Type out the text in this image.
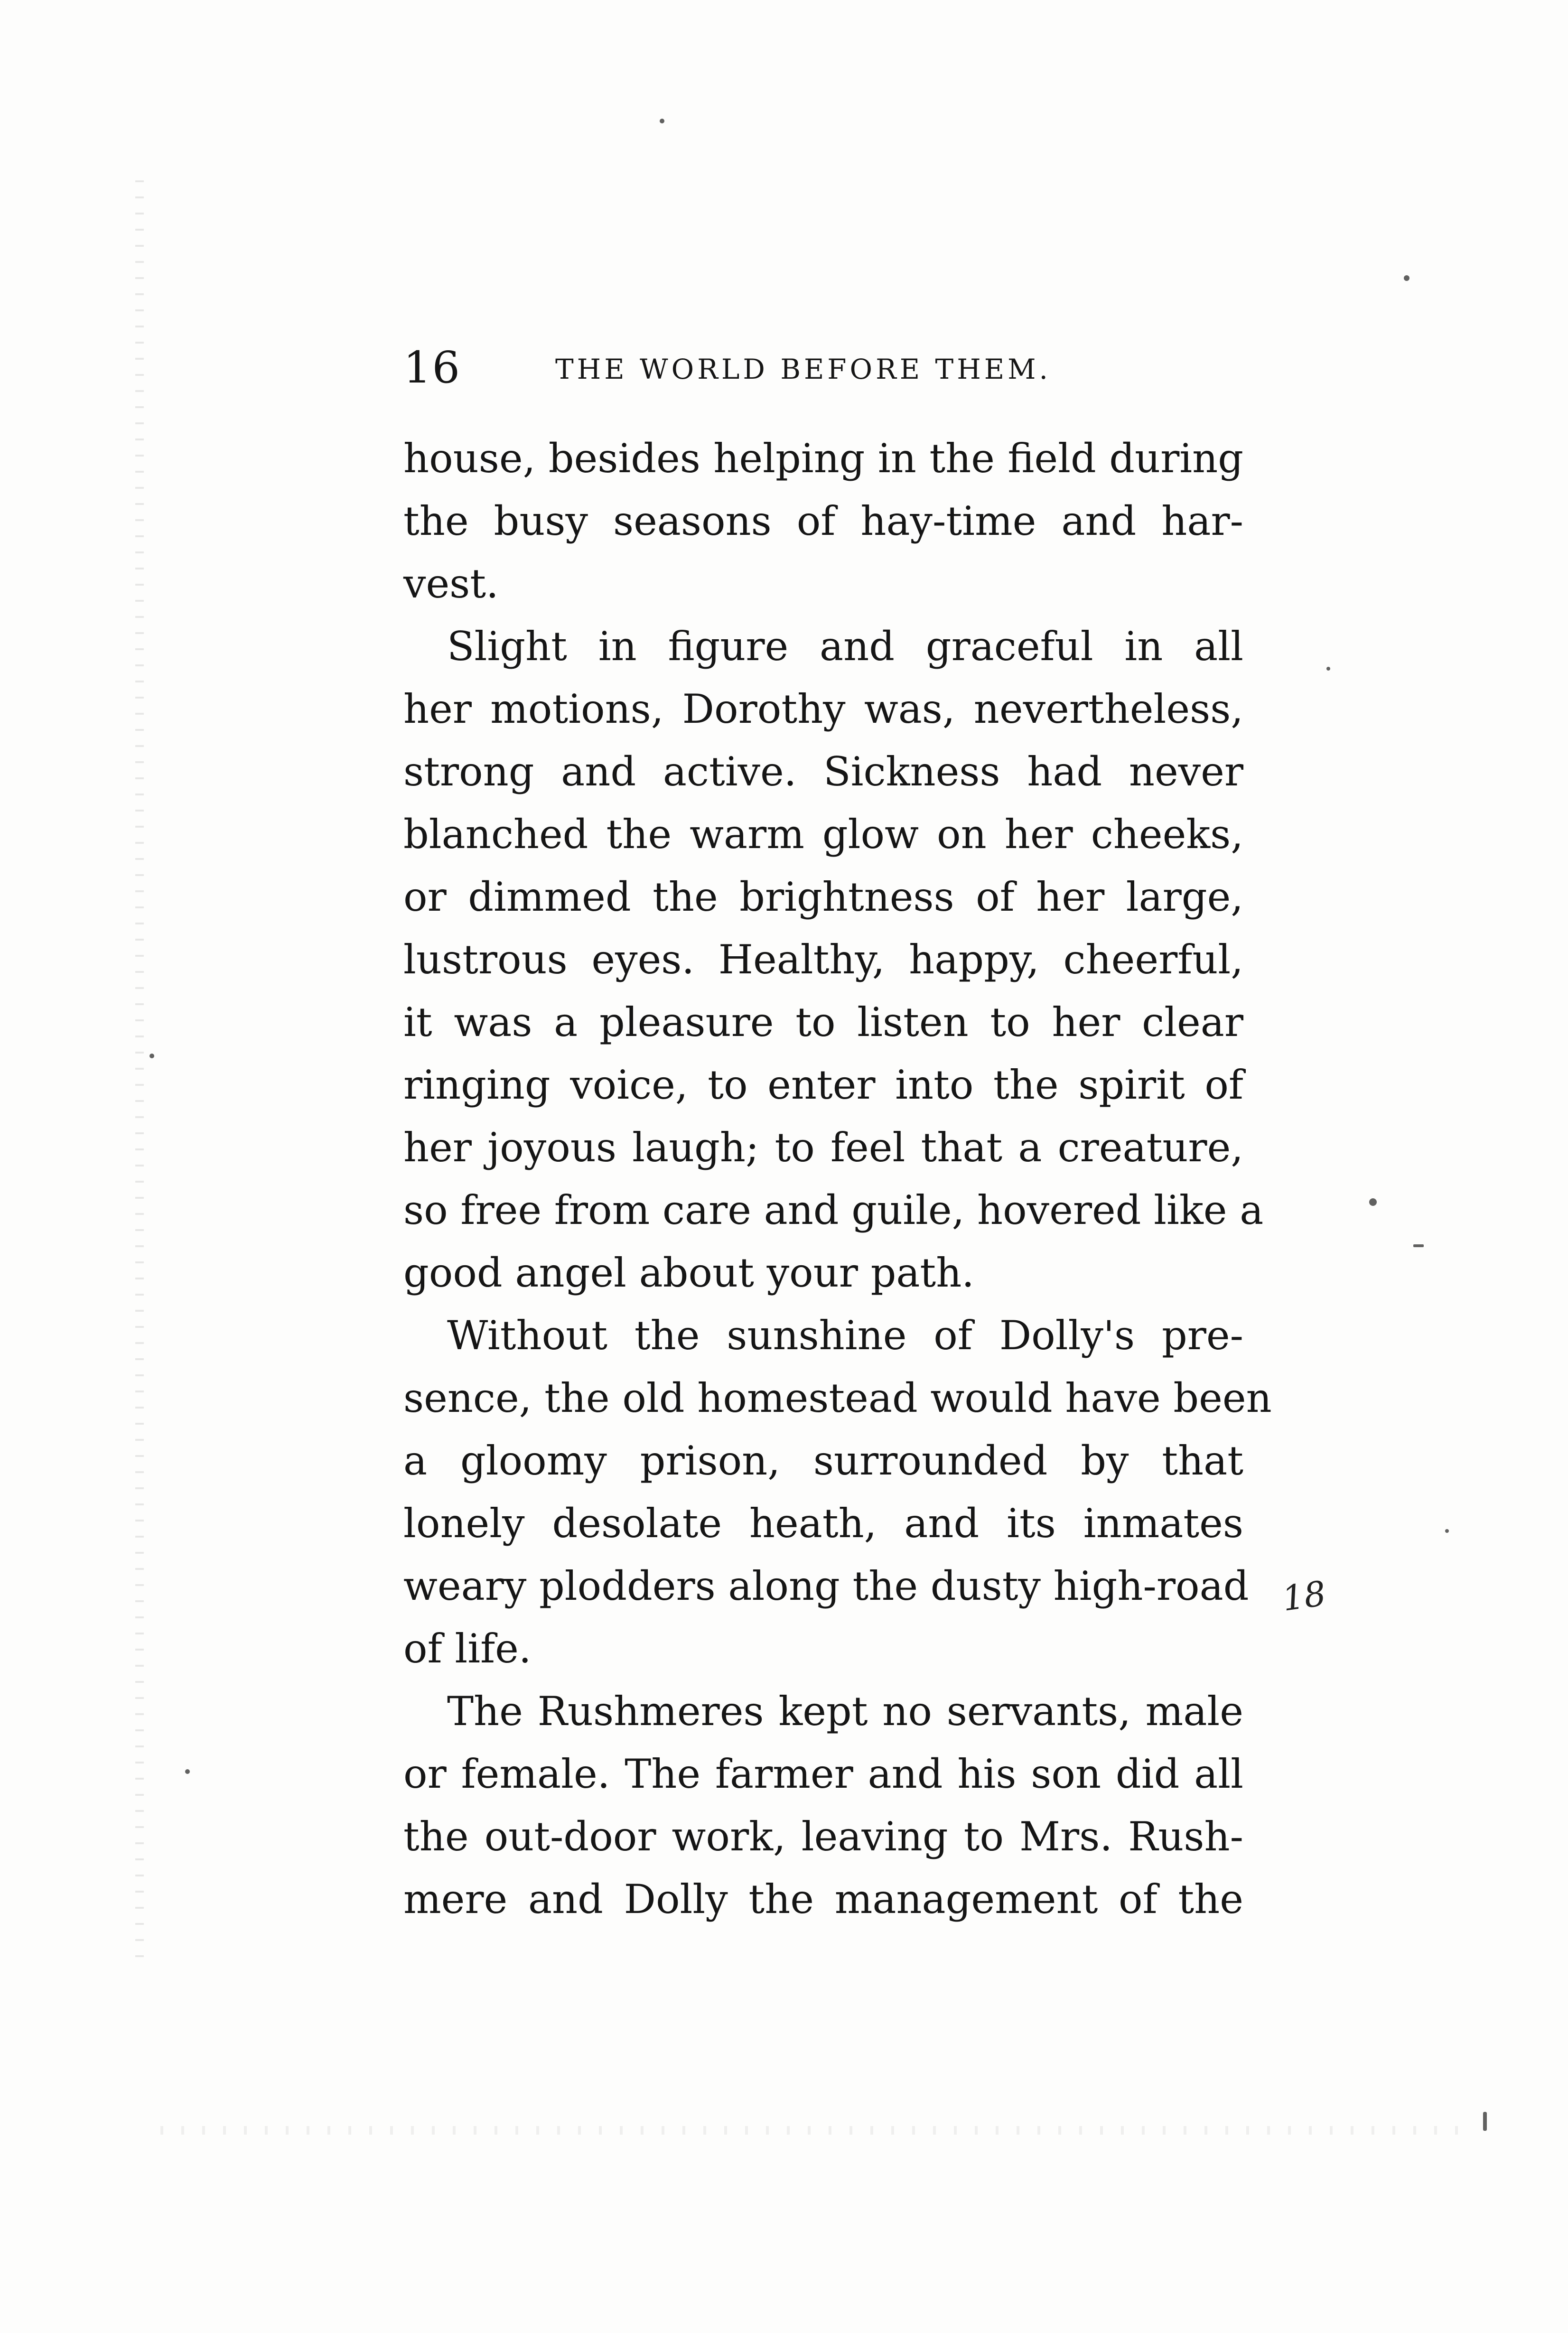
16	THE WORLD BEFORE THEM.
house, besides helping in the field during
the busy seasons of hay-time and har-
vest.
Slight in figure and graceful in all
her motions, Dorothy was, nevertheless,
strong and active. Sickness had never
blanched the warm glow on her cheeks,
or dimmed the brightness of her large,
lustrous eyes. Healthy, happy, cheerful,
it was a pleasure to listen to her clear
ringing voice, to enter into the spirit of
her joyous laugh; to feel that a creature,
so free from care and guile, hovered like a
good angel about your path.
Without the sunshine of Dolly's pre-
sence, the old homestead would have been
a gloomy prison, surrounded by that
lonely desolate heath, and its inmates
weary plodders along the dusty high-road
of life.
The Rushmeres kept no servants, male
or female. The farmer and his son did all
the out-door work, leaving to Mrs. Rush-
mere and Dolly the management of the
18
